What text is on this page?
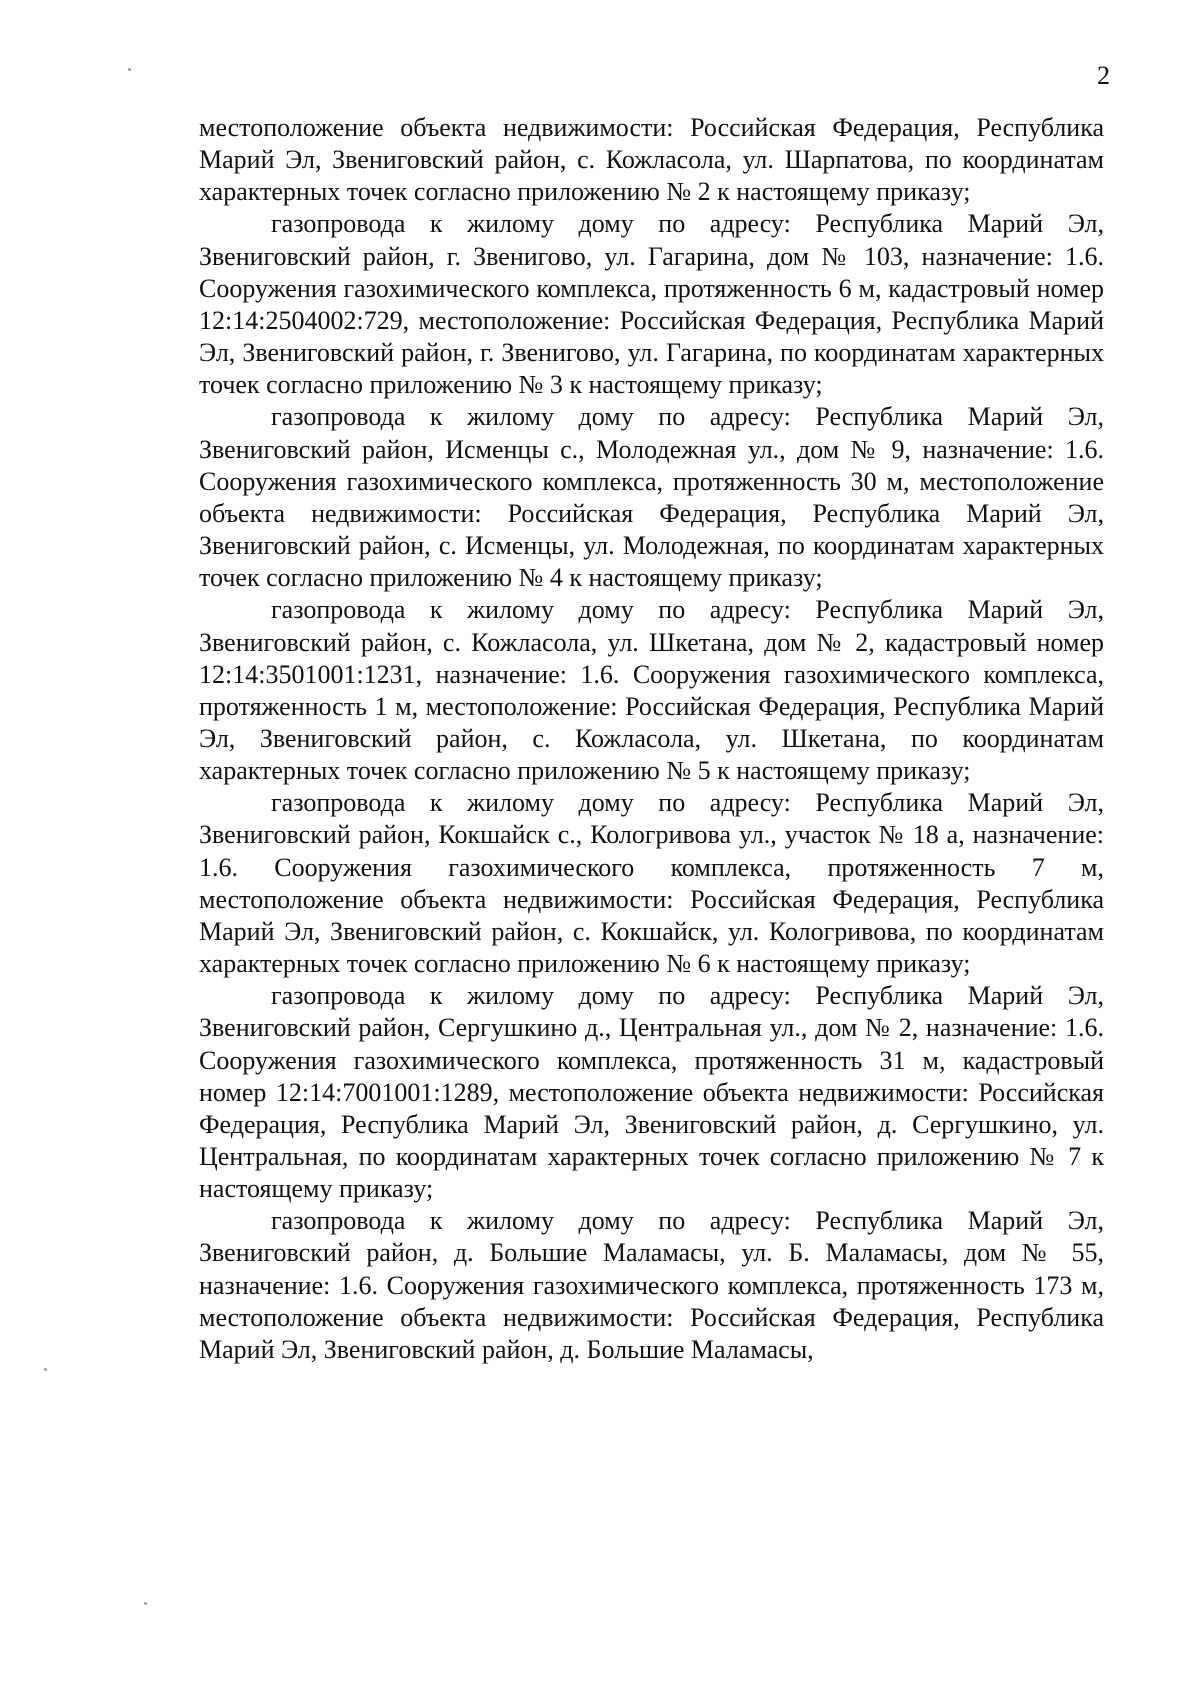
2

местоположение объекта недвижимости: Российская Федерация, Республика Марий Эл, Звениговский район, с. Кожласола, ул. Шарпатова, по координатам характерных точек согласно приложению № 2 к настоящему приказу;

газопровода к жилому дому по адресу: Республика Марий Эл, Звениговский район, г. Звенигово, ул. Гагарина, дом № 103, назначение: 1.6. Сооружения газохимического комплекса, протяженность 6 м, кадастровый номер 12:14:2504002:729, местоположение: Российская Федерация, Республика Марий Эл, Звениговский район, г. Звенигово, ул. Гагарина, по координатам характерных точек согласно приложению № 3 к настоящему приказу;

газопровода к жилому дому по адресу: Республика Марий Эл, Звениговский район, Исменцы с., Молодежная ул., дом № 9, назначение: 1.6. Сооружения газохимического комплекса, протяженность 30 м, местоположение объекта недвижимости: Российская Федерация, Республика Марий Эл, Звениговский район, с. Исменцы, ул. Молодежная, по координатам характерных точек согласно приложению № 4 к настоящему приказу;

газопровода к жилому дому по адресу: Республика Марий Эл, Звениговский район, с. Кожласола, ул. Шкетана, дом № 2, кадастровый номер 12:14:3501001:1231, назначение: 1.6. Сооружения газохимического комплекса, протяженность 1 м, местоположение: Российская Федерация, Республика Марий Эл, Звениговский район, с. Кожласола, ул. Шкетана, по координатам характерных точек согласно приложению № 5 к настоящему приказу;

газопровода к жилому дому по адресу: Республика Марий Эл, Звениговский район, Кокшайск с., Кологривова ул., участок № 18 а, назначение: 1.6. Сооружения газохимического комплекса, протяженность 7 м, местоположение объекта недвижимости: Российская Федерация, Республика Марий Эл, Звениговский район, с. Кокшайск, ул. Кологривова, по координатам характерных точек согласно приложению № 6 к настоящему приказу;

газопровода к жилому дому по адресу: Республика Марий Эл, Звениговский район, Сергушкино д., Центральная ул., дом № 2, назначение: 1.6. Сооружения газохимического комплекса, протяженность 31 м, кадастровый номер 12:14:7001001:1289, местоположение объекта недвижимости: Российская Федерация, Республика Марий Эл, Звениговский район, д. Сергушкино, ул. Центральная, по координатам характерных точек согласно приложению № 7 к настоящему приказу;

газопровода к жилому дому по адресу: Республика Марий Эл, Звениговский район, д. Большие Маламасы, ул. Б. Маламасы, дом № 55, назначение: 1.6. Сооружения газохимического комплекса, протяженность 173 м, местоположение объекта недвижимости: Российская Федерация, Республика Марий Эл, Звениговский район, д. Большие Маламасы,
